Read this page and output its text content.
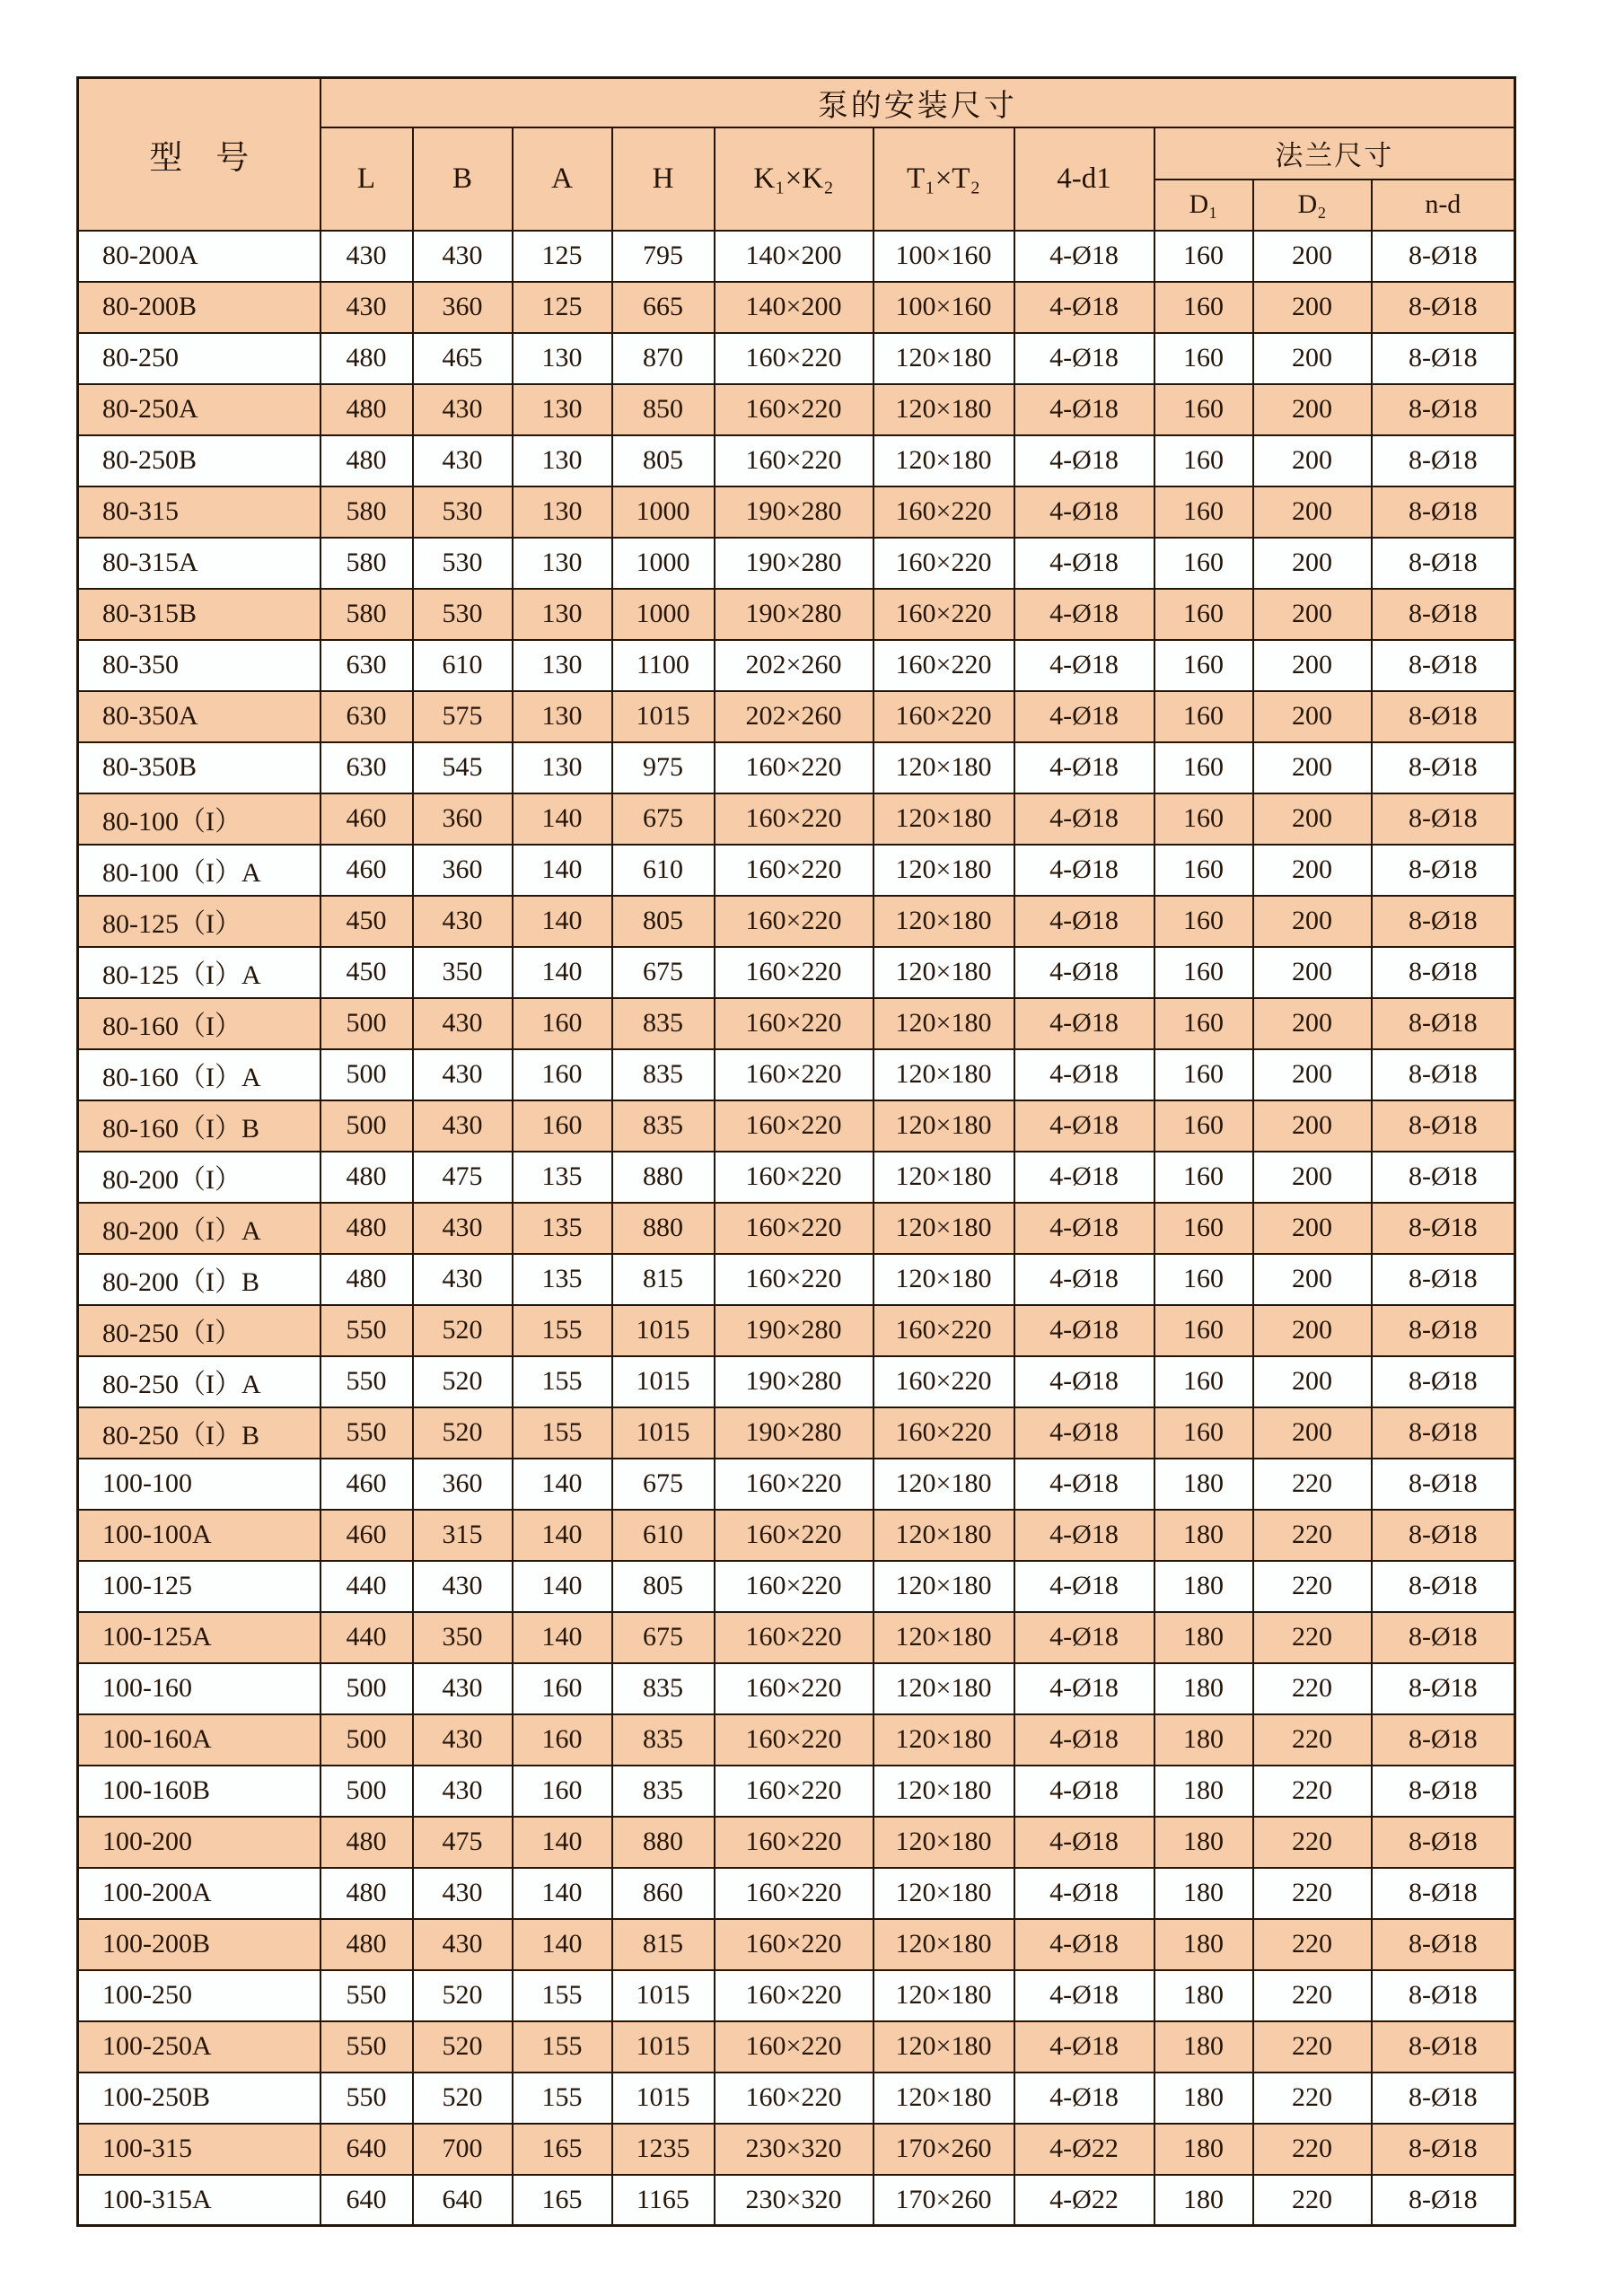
型　号	泵的安装尺寸									
	L	B	A	H	K₁×K₂	T₁×T₂	4-d1	法兰尺寸		
								D₁	D₂	n-d
80-200A	430	430	125	795	140×200	100×160	4-Ø18	160	200	8-Ø18
80-200B	430	360	125	665	140×200	100×160	4-Ø18	160	200	8-Ø18
80-250	480	465	130	870	160×220	120×180	4-Ø18	160	200	8-Ø18
80-250A	480	430	130	850	160×220	120×180	4-Ø18	160	200	8-Ø18
80-250B	480	430	130	805	160×220	120×180	4-Ø18	160	200	8-Ø18
80-315	580	530	130	1000	190×280	160×220	4-Ø18	160	200	8-Ø18
80-315A	580	530	130	1000	190×280	160×220	4-Ø18	160	200	8-Ø18
80-315B	580	530	130	1000	190×280	160×220	4-Ø18	160	200	8-Ø18
80-350	630	610	130	1100	202×260	160×220	4-Ø18	160	200	8-Ø18
80-350A	630	575	130	1015	202×260	160×220	4-Ø18	160	200	8-Ø18
80-350B	630	545	130	975	160×220	120×180	4-Ø18	160	200	8-Ø18
80-100（I）	460	360	140	675	160×220	120×180	4-Ø18	160	200	8-Ø18
80-100（I）A	460	360	140	610	160×220	120×180	4-Ø18	160	200	8-Ø18
80-125（I）	450	430	140	805	160×220	120×180	4-Ø18	160	200	8-Ø18
80-125（I）A	450	350	140	675	160×220	120×180	4-Ø18	160	200	8-Ø18
80-160（I）	500	430	160	835	160×220	120×180	4-Ø18	160	200	8-Ø18
80-160（I）A	500	430	160	835	160×220	120×180	4-Ø18	160	200	8-Ø18
80-160（I）B	500	430	160	835	160×220	120×180	4-Ø18	160	200	8-Ø18
80-200（I）	480	475	135	880	160×220	120×180	4-Ø18	160	200	8-Ø18
80-200（I）A	480	430	135	880	160×220	120×180	4-Ø18	160	200	8-Ø18
80-200（I）B	480	430	135	815	160×220	120×180	4-Ø18	160	200	8-Ø18
80-250（I）	550	520	155	1015	190×280	160×220	4-Ø18	160	200	8-Ø18
80-250（I）A	550	520	155	1015	190×280	160×220	4-Ø18	160	200	8-Ø18
80-250（I）B	550	520	155	1015	190×280	160×220	4-Ø18	160	200	8-Ø18
100-100	460	360	140	675	160×220	120×180	4-Ø18	180	220	8-Ø18
100-100A	460	315	140	610	160×220	120×180	4-Ø18	180	220	8-Ø18
100-125	440	430	140	805	160×220	120×180	4-Ø18	180	220	8-Ø18
100-125A	440	350	140	675	160×220	120×180	4-Ø18	180	220	8-Ø18
100-160	500	430	160	835	160×220	120×180	4-Ø18	180	220	8-Ø18
100-160A	500	430	160	835	160×220	120×180	4-Ø18	180	220	8-Ø18
100-160B	500	430	160	835	160×220	120×180	4-Ø18	180	220	8-Ø18
100-200	480	475	140	880	160×220	120×180	4-Ø18	180	220	8-Ø18
100-200A	480	430	140	860	160×220	120×180	4-Ø18	180	220	8-Ø18
100-200B	480	430	140	815	160×220	120×180	4-Ø18	180	220	8-Ø18
100-250	550	520	155	1015	160×220	120×180	4-Ø18	180	220	8-Ø18
100-250A	550	520	155	1015	160×220	120×180	4-Ø18	180	220	8-Ø18
100-250B	550	520	155	1015	160×220	120×180	4-Ø18	180	220	8-Ø18
100-315	640	700	165	1235	230×320	170×260	4-Ø22	180	220	8-Ø18
100-315A	640	640	165	1165	230×320	170×260	4-Ø22	180	220	8-Ø18
